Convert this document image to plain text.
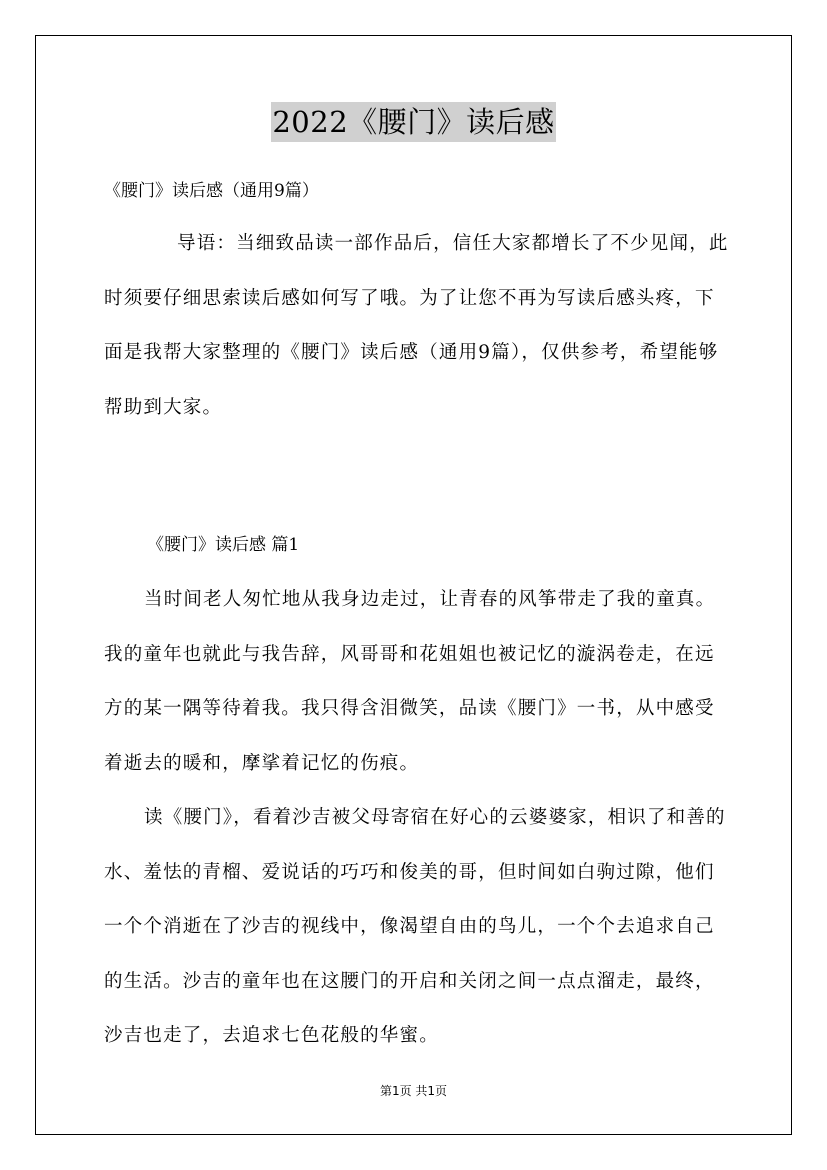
2022《腰门》读后感

《腰门》读后感（通用9篇）

导语：当细致品读一部作品后，信任大家都增长了不少见闻，此时须要仔细思索读后感如何写了哦。为了让您不再为写读后感头疼，下面是我帮大家整理的《腰门》读后感（通用9篇），仅供参考，希望能够帮助到大家。

《腰门》读后感 篇1

当时间老人匆忙地从我身边走过，让青春的风筝带走了我的童真。我的童年也就此与我告辞，风哥哥和花姐姐也被记忆的漩涡卷走，在远方的某一隅等待着我。我只得含泪微笑，品读《腰门》一书，从中感受着逝去的暖和，摩挲着记忆的伤痕。

读《腰门》，看着沙吉被父母寄宿在好心的云婆婆家，相识了和善的水、羞怯的青榴、爱说话的巧巧和俊美的哥，但时间如白驹过隙，他们一个个消逝在了沙吉的视线中，像渴望自由的鸟儿，一个个去追求自己的生活。沙吉的童年也在这腰门的开启和关闭之间一点点溜走，最终，沙吉也走了，去追求七色花般的华蜜。

第1页 共1页
